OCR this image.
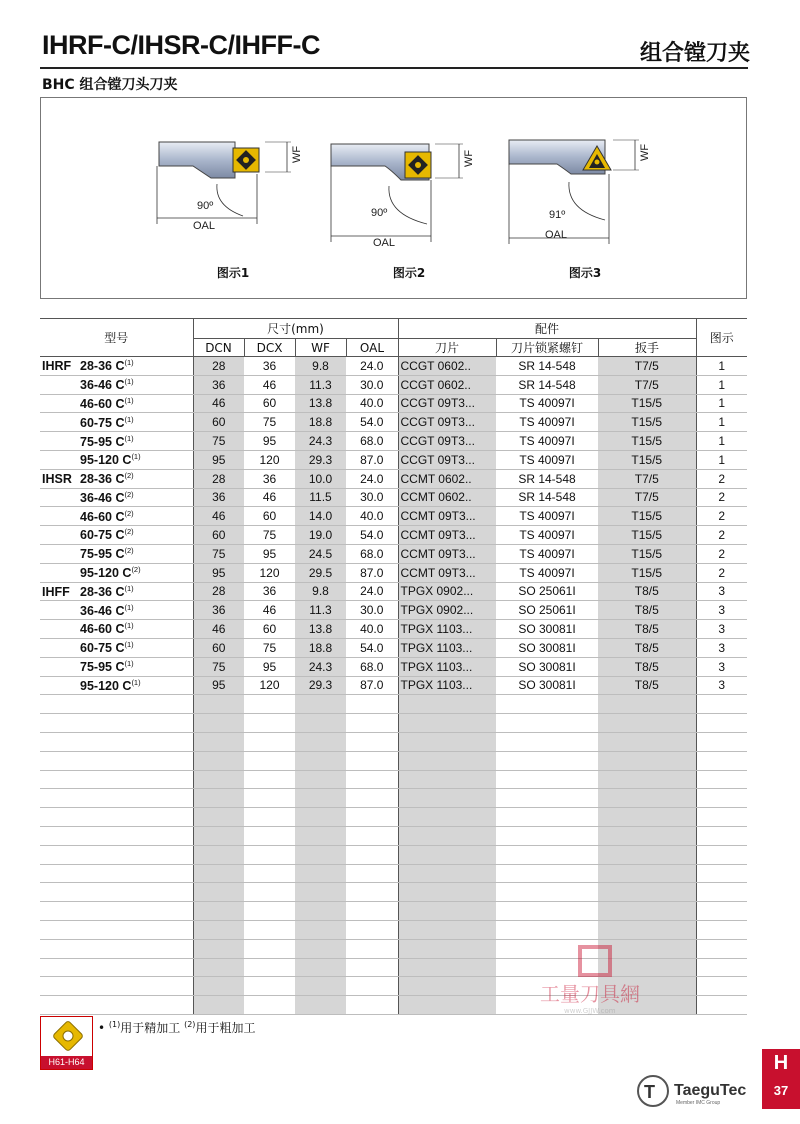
IHRF-C/IHSR-C/IHFF-C	组合镗刀夹
BHC 组合镗刀头刀夹
WF
90º
OAL
图示1
WF
90º
OAL
图示2
WF
91º
OAL
图示3
型号	尺寸(mm)				配件			图示
	DCN	DCX	WF	OAL	刀片	刀片锁紧螺钉	扳手	
IHRF 28-36 $C^{(1)}$	28	36	9.8	24.0	CCGT 0602..	SR 14-548	T7/5	1
36-46 $C^{(1)}$	36	46	11.3	30.0	CCGT 0602..	SR 14-548	T7/5	1
46-60 $C^{(1)}$	46	60	13.8	40.0	CCGT 09T3...	TS 40097I	T15/5	1
60-75 $C^{(1)}$	60	75	18.8	54.0	CCGT 09T3...	TS 40097I	T15/5	1
75-95 $C^{(1)}$	75	95	24.3	68.0	CCGT 09T3...	TS 40097I	T15/5	1
95-120 $C^{(1)}$	95	120	29.3	87.0	CCGT 09T3...	TS 40097I	T15/5	1
IHSR 28-36 $C^{(2)}$	28	36	10.0	24.0	CCMT 0602..	SR 14-548	T7/5	2
36-46 $C^{(2)}$	36	46	11.5	30.0	CCMT 0602..	SR 14-548	T7/5	2
46-60 $C^{(2)}$	46	60	14.0	40.0	CCMT 09T3...	TS 40097I	T15/5	2
60-75 $C^{(2)}$	60	75	19.0	54.0	CCMT 09T3...	TS 40097I	T15/5	2
75-95 $C^{(2)}$	75	95	24.5	68.0	CCMT 09T3...	TS 40097I	T15/5	2
95-120 $C^{(2)}$	95	120	29.5	87.0	CCMT 09T3...	TS 40097I	T15/5	2
IHFF 28-36 $C^{(1)}$	28	36	9.8	24.0	TPGX 0902...	SO 25061I	T8/5	3
36-46 $C^{(1)}$	36	46	11.3	30.0	TPGX 0902...	SO 25061I	T8/5	3
46-60 $C^{(1)}$	46	60	13.8	40.0	TPGX 1103...	SO 30081I	T8/5	3
60-75 $C^{(1)}$	60	75	18.8	54.0	TPGX 1103...	SO 30081I	T8/5	3
75-95 $C^{(1)}$	75	95	24.3	68.0	TPGX 1103...	SO 30081I	T8/5	3
95-120 $C^{(1)}$	95	120	29.3	87.0	TPGX 1103...	SO 30081I	T8/5	3

H61-H64
• $^{(1)}$用于精加工 $^{(2)}$用于粗加工
工量刀具網
www.GJJW.com
T TaeguTec
Member IMC Group
H
37
